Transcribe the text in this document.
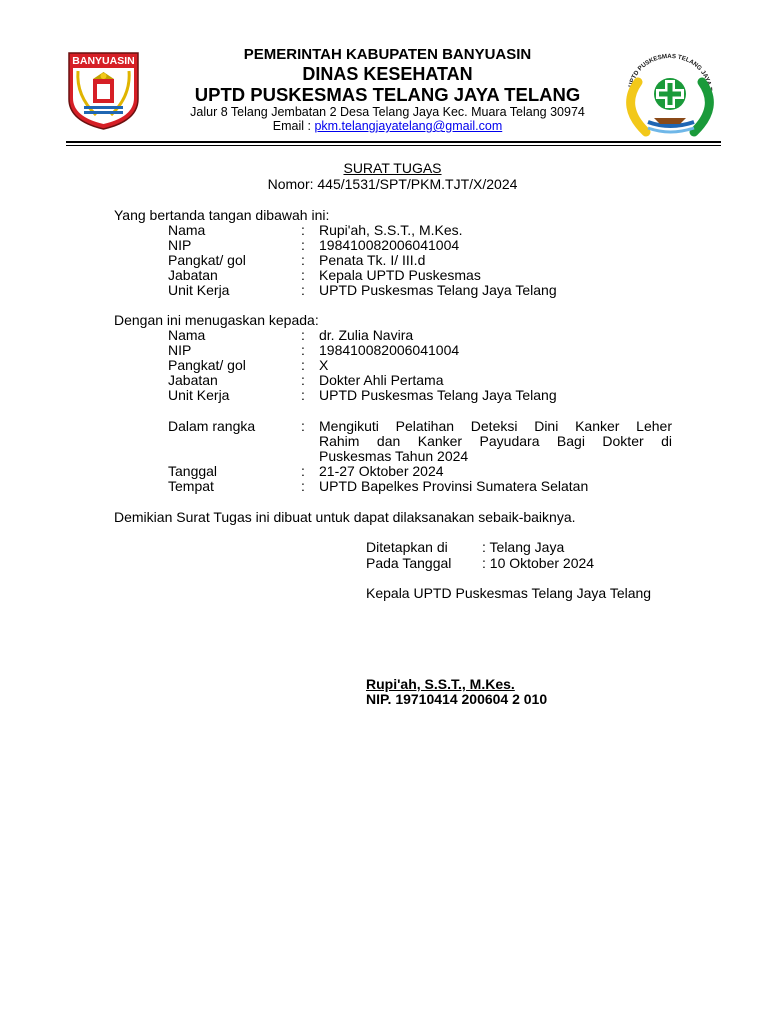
BANYUASIN	PEMERINTAH KABUPATEN BANYUASIN
DINAS KESEHATAN
UPTD PUSKESMAS TELANG JAYA TELANG
Jalur 8 Telang Jembatan 2 Desa Telang Jaya Kec. Muara Telang 30974
Email : pkm.telangjayatelang@gmail.com
UPTD PUSKESMAS TELANG JAYA T
SURAT TUGAS
Nomor: 445/1531/SPT/PKM.TJT/X/2024
Yang bertanda tangan dibawah ini:
Nama	: Rupi'ah, S.S.T., M.Kes.
NIP	: 198410082006041004
Pangkat/ gol	: Penata Tk. I/ III.d
Jabatan	: Kepala UPTD Puskesmas
Unit Kerja	: UPTD Puskesmas Telang Jaya Telang
Dengan ini menugaskan kepada:
Nama	: dr. Zulia Navira
NIP	: 198410082006041004
Pangkat/ gol	: X
Jabatan	: Dokter Ahli Pertama
Unit Kerja	: UPTD Puskesmas Telang Jaya Telang
Dalam rangka	: Mengikuti Pelatihan Deteksi Dini Kanker Leher
Rahim dan Kanker Payudara Bagi Dokter di
Puskesmas Tahun 2024
Tanggal	: 21-27 Oktober 2024
Tempat	: UPTD Bapelkes Provinsi Sumatera Selatan
Demikian Surat Tugas ini dibuat untuk dapat dilaksanakan sebaik-baiknya.
Ditetapkan di : Telang Jaya
Pada Tanggal : 10 Oktober 2024
Kepala UPTD Puskesmas Telang Jaya Telang
Rupi'ah, S.S.T., M.Kes.
NIP. 19710414 200604 2 010
